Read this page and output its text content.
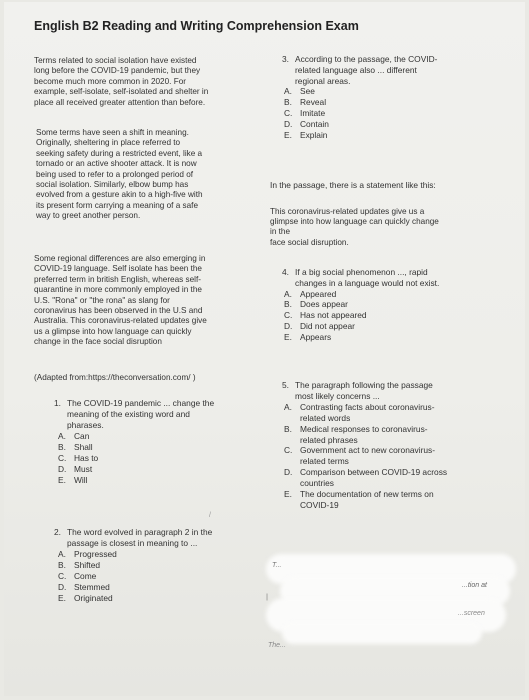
English B2 Reading and Writing Comprehension Exam
Terms related to social isolation have existed
long before the COVID-19 pandemic, but they
become much more common in 2020. For
example, self-isolate, self-isolated and shelter in
place all received greater attention than before.
Some terms have seen a shift in meaning.
Originally, sheltering in place referred to
seeking safety during a restricted event, like a
tornado or an active shooter attack. It is now
being used to refer to a prolonged period of
social isolation. Similarly, elbow bump has
evolved from a gesture akin to a high-five with
its present form carrying a meaning of a safe
way to greet another person.
Some regional differences are also emerging in
COVID-19 language. Self isolate has been the
preferred term in british English, whereas self-
quarantine in more commonly employed in the
U.S. "Rona" or "the rona" as slang for
coronavirus has been observed in the U.S and
Australia. This coronavirus-related updates give
us a glimpse into how language can quickly
change in the face social disruption
(Adapted from:https://theconversation.com/ )
1. The COVID-19 pandemic ... change the
meaning of the existing word and
pharases.
A. Can
B. Shall
C. Has to
D. Must
E. Will
/
2. The word evolved in paragraph 2 in the
passage is closest in meaning to ...
A. Progressed
B. Shifted
C. Come
D. Stemmed
E. Originated
3. According to the passage, the COVID-
related language also ... different
regional areas.
A. See
B. Reveal
C. Imitate
D. Contain
E. Explain
In the passage, there is a statement like this:
This coronavirus-related updates give us a
glimpse into how language can quickly change
in the
face social disruption.
4. If a big social phenomenon ..., rapid
changes in a language would not exist.
A. Appeared
B. Does appear
C. Has not appeared
D. Did not appear
E. Appears
5. The paragraph following the passage
most likely concerns ...
A. Contrasting facts about coronavirus-
related words
B. Medical responses to coronavirus-
related phrases
C. Government act to new coronavirus-
related terms
D. Comparison between COVID-19 across
countries
E. The documentation of new terms on
COVID-19
...tion at
...screen
T...
|
The...
